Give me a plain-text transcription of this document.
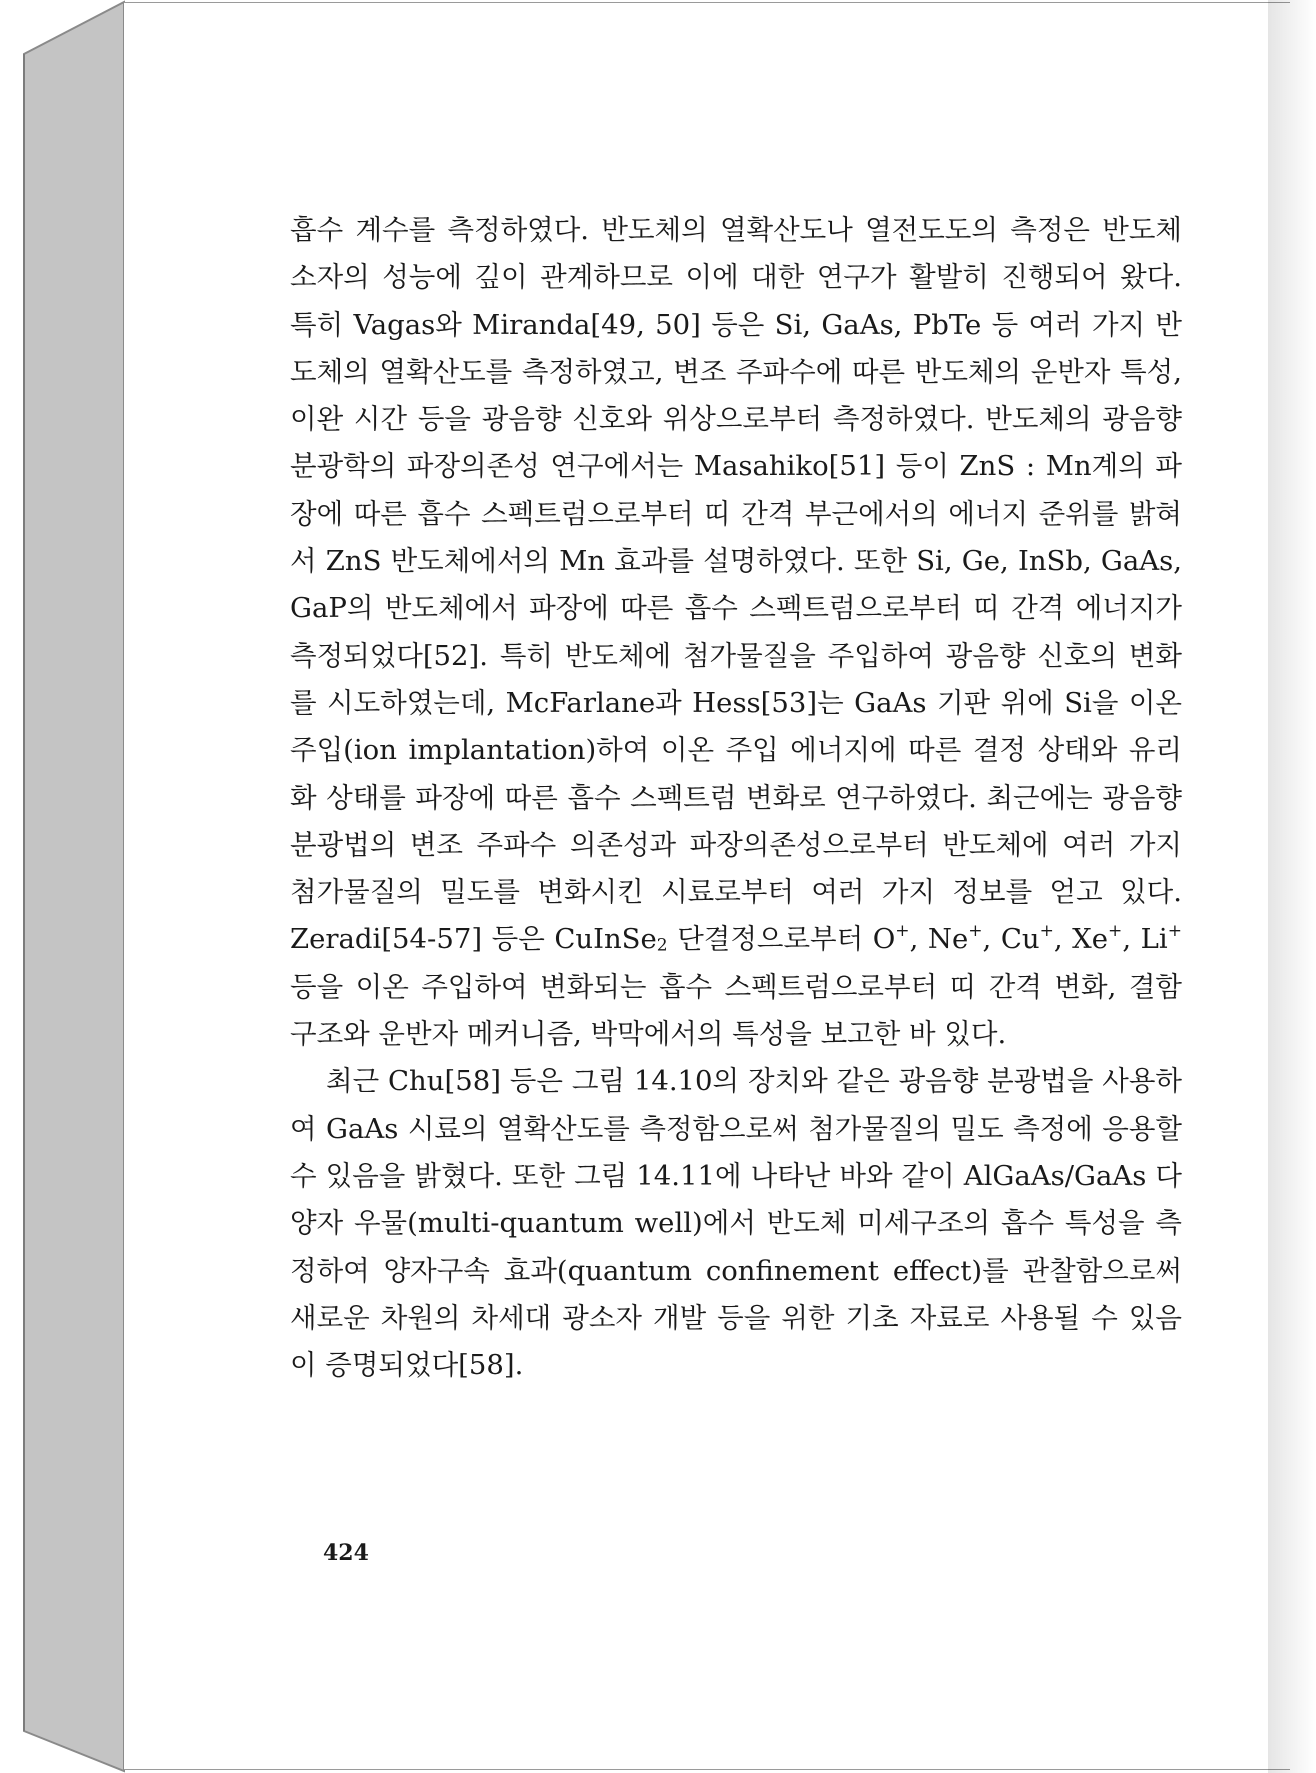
흡수 계수를 측정하였다. 반도체의 열확산도나 열전도도의 측정은 반도체 소자의 성능에 깊이 관계하므로 이에 대한 연구가 활발히 진행되어 왔다. 특히 Vagas와 Miranda[49, 50] 등은 Si, GaAs, PbTe 등 여러 가지 반도체의 열확산도를 측정하였고, 변조 주파수에 따른 반도체의 운반자 특성, 이완 시간 등을 광음향 신호와 위상으로부터 측정하였다. 반도체의 광음향 분광학의 파장의존성 연구에서는 Masahiko[51] 등이 ZnS : Mn계의 파장에 따른 흡수 스펙트럼으로부터 띠 간격 부근에서의 에너지 준위를 밝혀서 ZnS 반도체에서의 Mn 효과를 설명하였다. 또한 Si, Ge, InSb, GaAs, GaP의 반도체에서 파장에 따른 흡수 스펙트럼으로부터 띠 간격 에너지가 측정되었다[52]. 특히 반도체에 첨가물질을 주입하여 광음향 신호의 변화를 시도하였는데, McFarlane과 Hess[53]는 GaAs 기판 위에 Si을 이온 주입(ion implantation)하여 이온 주입 에너지에 따른 결정 상태와 유리화 상태를 파장에 따른 흡수 스펙트럼 변화로 연구하였다. 최근에는 광음향 분광법의 변조 주파수 의존성과 파장의존성으로부터 반도체에 여러 가지 첨가물질의 밀도를 변화시킨 시료로부터 여러 가지 정보를 얻고 있다. Zeradi[54-57] 등은 CuInSe$_2$ 단결정으로부터 O+, Ne+, Cu+, Xe+, Li+ 등을 이온 주입하여 변화되는 흡수 스펙트럼으로부터 띠 간격 변화, 결함 구조와 운반자 메커니즘, 박막에서의 특성을 보고한 바 있다.

최근 Chu[58] 등은 그림 14.10의 장치와 같은 광음향 분광법을 사용하여 GaAs 시료의 열확산도를 측정함으로써 첨가물질의 밀도 측정에 응용할 수 있음을 밝혔다. 또한 그림 14.11에 나타난 바와 같이 AlGaAs/GaAs 다양자 우물(multi-quantum well)에서 반도체 미세구조의 흡수 특성을 측정하여 양자구속 효과(quantum confinement effect)를 관찰함으로써 새로운 차원의 차세대 광소자 개발 등을 위한 기초 자료로 사용될 수 있음이 증명되었다[58].

424
